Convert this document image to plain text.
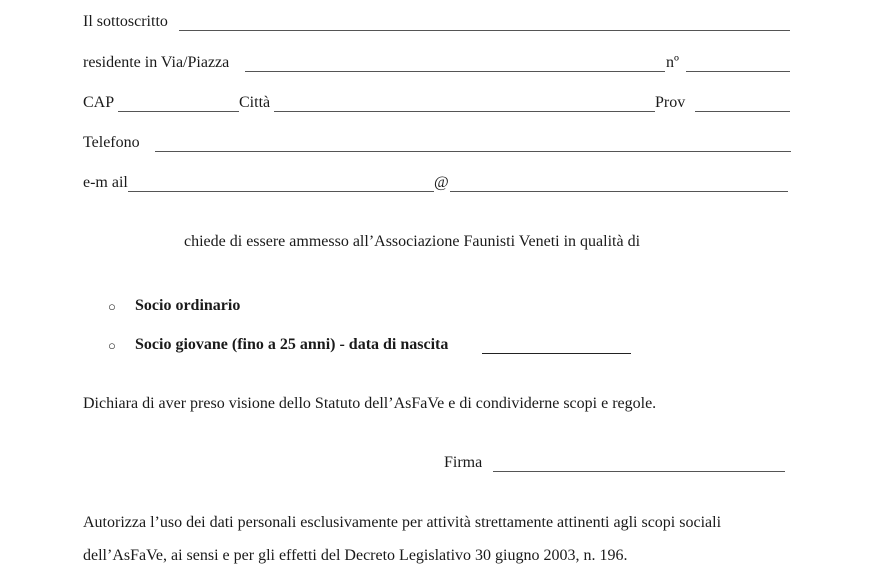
Il sottoscritto
residente in Via/Piazza	nº
CAP	Città	Prov
Telefono
e-m ail	@
chiede di essere ammesso all’Associazione Faunisti Veneti in qualità di
○ Socio ordinario
○ Socio giovane (fino a 25 anni) - data di nascita
Dichiara di aver preso visione dello Statuto dell’AsFaVe e di condividerne scopi e regole.
Firma
Autorizza l’uso dei dati personali esclusivamente per attività strettamente attinenti agli scopi sociali
dell’AsFaVe, ai sensi e per gli effetti del Decreto Legislativo 30 giugno 2003, n. 196.
